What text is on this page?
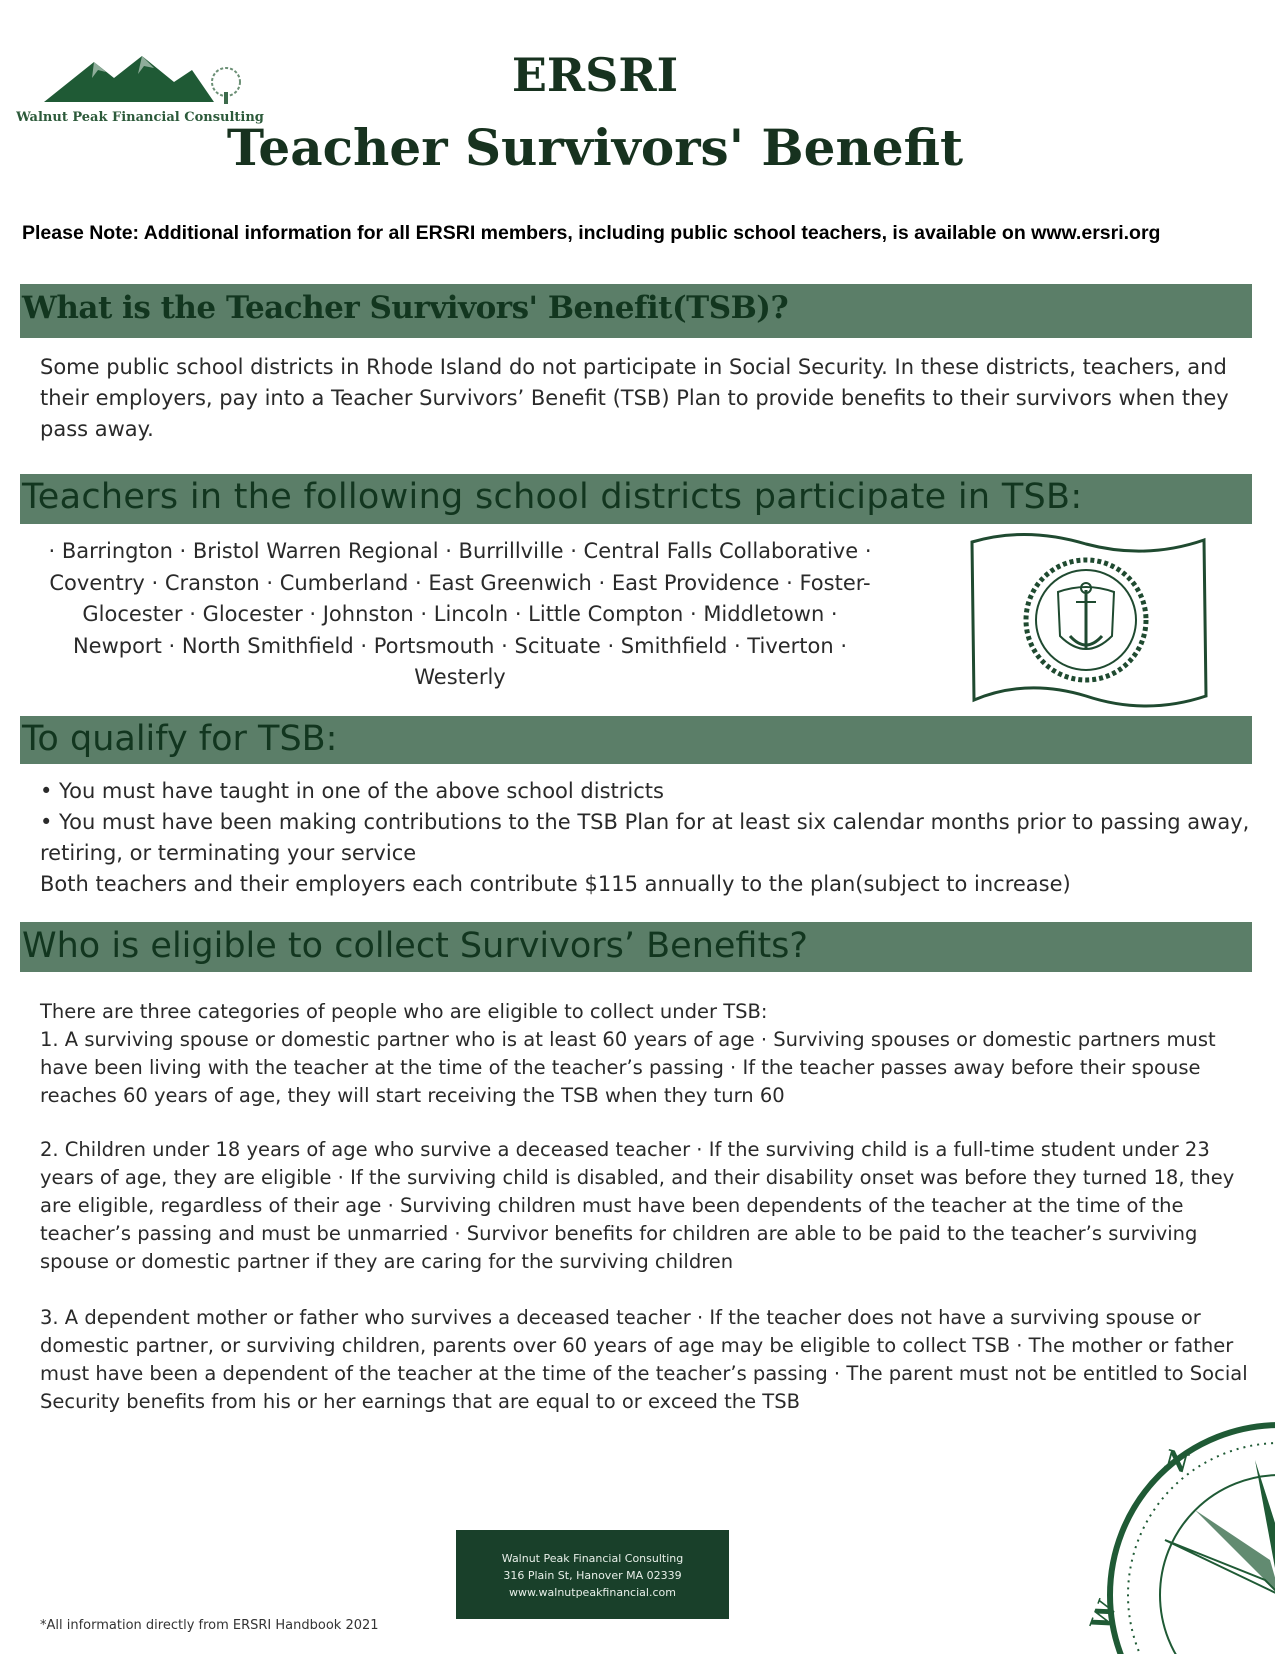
Walnut Peak Financial Consulting
ERSRI
Teacher Survivors' Benefit
Please Note: Additional information for all ERSRI members, including public school teachers, is available on www.ersri.org
What is the Teacher Survivors' Benefit(TSB)?
Some public school districts in Rhode Island do not participate in Social Security. In these districts, teachers, and their employers, pay into a Teacher Survivors’ Benefit (TSB) Plan to provide benefits to their survivors when they pass away.
Teachers in the following school districts participate in TSB:
· Barrington · Bristol Warren Regional · Burrillville · Central Falls Collaborative · Coventry · Cranston · Cumberland · East Greenwich · East Providence · Foster-Glocester · Glocester · Johnston · Lincoln · Little Compton · Middletown · Newport · North Smithfield · Portsmouth · Scituate · Smithfield · Tiverton · Westerly
To qualify for TSB:
• You must have taught in one of the above school districts
• You must have been making contributions to the TSB Plan for at least six calendar months prior to passing away, retiring, or terminating your service
Both teachers and their employers each contribute $115 annually to the plan(subject to increase)
Who is eligible to collect Survivors’ Benefits?
There are three categories of people who are eligible to collect under TSB:
1. A surviving spouse or domestic partner who is at least 60 years of age · Surviving spouses or domestic partners must have been living with the teacher at the time of the teacher’s passing · If the teacher passes away before their spouse reaches 60 years of age, they will start receiving the TSB when they turn 60
2. Children under 18 years of age who survive a deceased teacher · If the surviving child is a full-time student under 23 years of age, they are eligible · If the surviving child is disabled, and their disability onset was before they turned 18, they are eligible, regardless of their age · Surviving children must have been dependents of the teacher at the time of the teacher’s passing and must be unmarried · Survivor benefits for children are able to be paid to the teacher’s surviving spouse or domestic partner if they are caring for the surviving children
3. A dependent mother or father who survives a deceased teacher · If the teacher does not have a surviving spouse or domestic partner, or surviving children, parents over 60 years of age may be eligible to collect TSB · The mother or father must have been a dependent of the teacher at the time of the teacher’s passing · The parent must not be entitled to Social Security benefits from his or her earnings that are equal to or exceed the TSB
Walnut Peak Financial Consulting
316 Plain St, Hanover MA 02339
www.walnutpeakfinancial.com
*All information directly from ERSRI Handbook 2021
N
W
